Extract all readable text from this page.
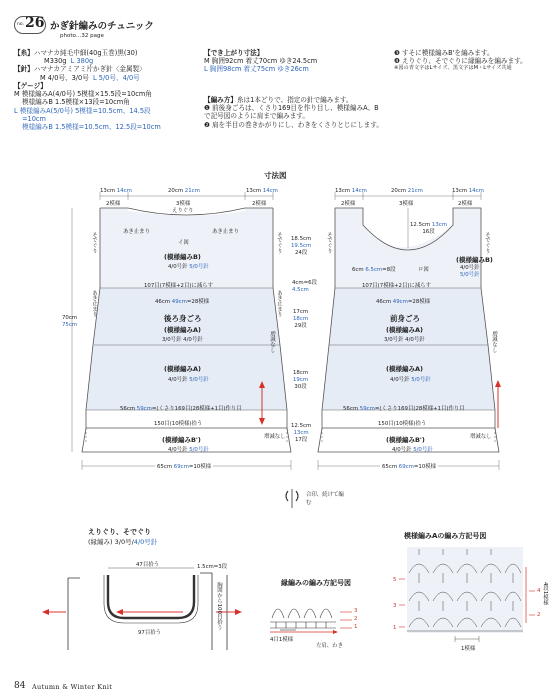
no. 26 かぎ針編みのチュニック
photo…32 page
【糸】ハマナカ純毛中細(40g玉巻)黒(30)
M330g L 380g
【針】ハマナカアミアミ片かぎ針〈金属製〉
M 4/0号、3/0号 L 5/0号、4/0号
【ゲージ】
M 模様編みA(4/0号) 5模様×15.5段=10cm角
模様編みB 1.5模様×13段=10cm角
L 模様編みA(5/0号) 5模様=10.5cm、14.5段
=10cm
模様編みB 1.5模様=10.5cm、12.5段=10cm
【でき上がり寸法】
M 胸囲92cm 着丈70cm ゆき24.5cm
L 胸囲98cm 着丈75cm ゆき26cm
【編み方】糸は1本どりで、指定の針で編みます。
❶ 前後身ごろは、くさり169目を作り目し、模様編みA、Bで記号図のように肩まで編みます。
❷ 肩を半目の巻きかがりにし、わきをくさりとじにします。
❸ すそに模様編みB'を編みます。
❹ えりぐり、そでぐりに縁編みを編みます。
※図の青文字はLサイズ、黒文字はM・Lサイズ共通
寸法図
13cm 14cm
2模様
20cm 21cm
3模様
13cm 14cm
2模様
えりぐり
あき止まり	あき止まり
イ図
(模様編みB)
4/0号針 5/0号針
そでぐり	そでぐり
107目(7模様+2目)に減らす
46cm 49cm=28模様
後ろ身ごろ
(模様編みA)
3/0号針 4/0号針
(模様編みA)
4/0号針 5/0号針
56cm 59cm=(くさり169目(28模様+1目)作り目
150目(10模様)拾う
(模様編みB')
4/0号針 5/0号針
65cm 69cm=10模様
あき止まり	あき止まり
増減なし
増減なし
70cm
75cm
18.5cm
19.5cm
24段
4cm=6段
4.5cm
17cm
18cm
29段
18cm
19cm
30段
12.5cm
13cm
17段
13cm 14cm
2模様
20cm 21cm
3模様
13cm 14cm
2模様
12.5cm 13cm
16段
6cm 6.5cm=8段	ロ図
(模様編みB)
4/0号針
5/0号針
そでぐり	そでぐり
107目(7模様+2目)に減らす
46cm 49cm=28模様
前身ごろ
(模様編みA)
3/0号針 4/0号針
(模様編みA)
4/0号針 5/0号針
56cm 59cm=(くさり169目(28模様+1目)作り目
150目(10模様)拾う
(模様編みB')
4/0号針 5/0号針
65cm 69cm=10模様
増減なし
増減なし
合印、続けて編む
えりぐり、そでぐり
(縁編み) 3/0号/4/0号針
47目拾う	1.5cm=3段
97目拾う
胸囲から100目拾う	縁編みの編み方記号図
3
2
1
4目1模様
左肩、わき
模様編みAの編み方記号図
5
4
3
2
1
4段1模様
1模様
84 Autumn & Winter Knit
